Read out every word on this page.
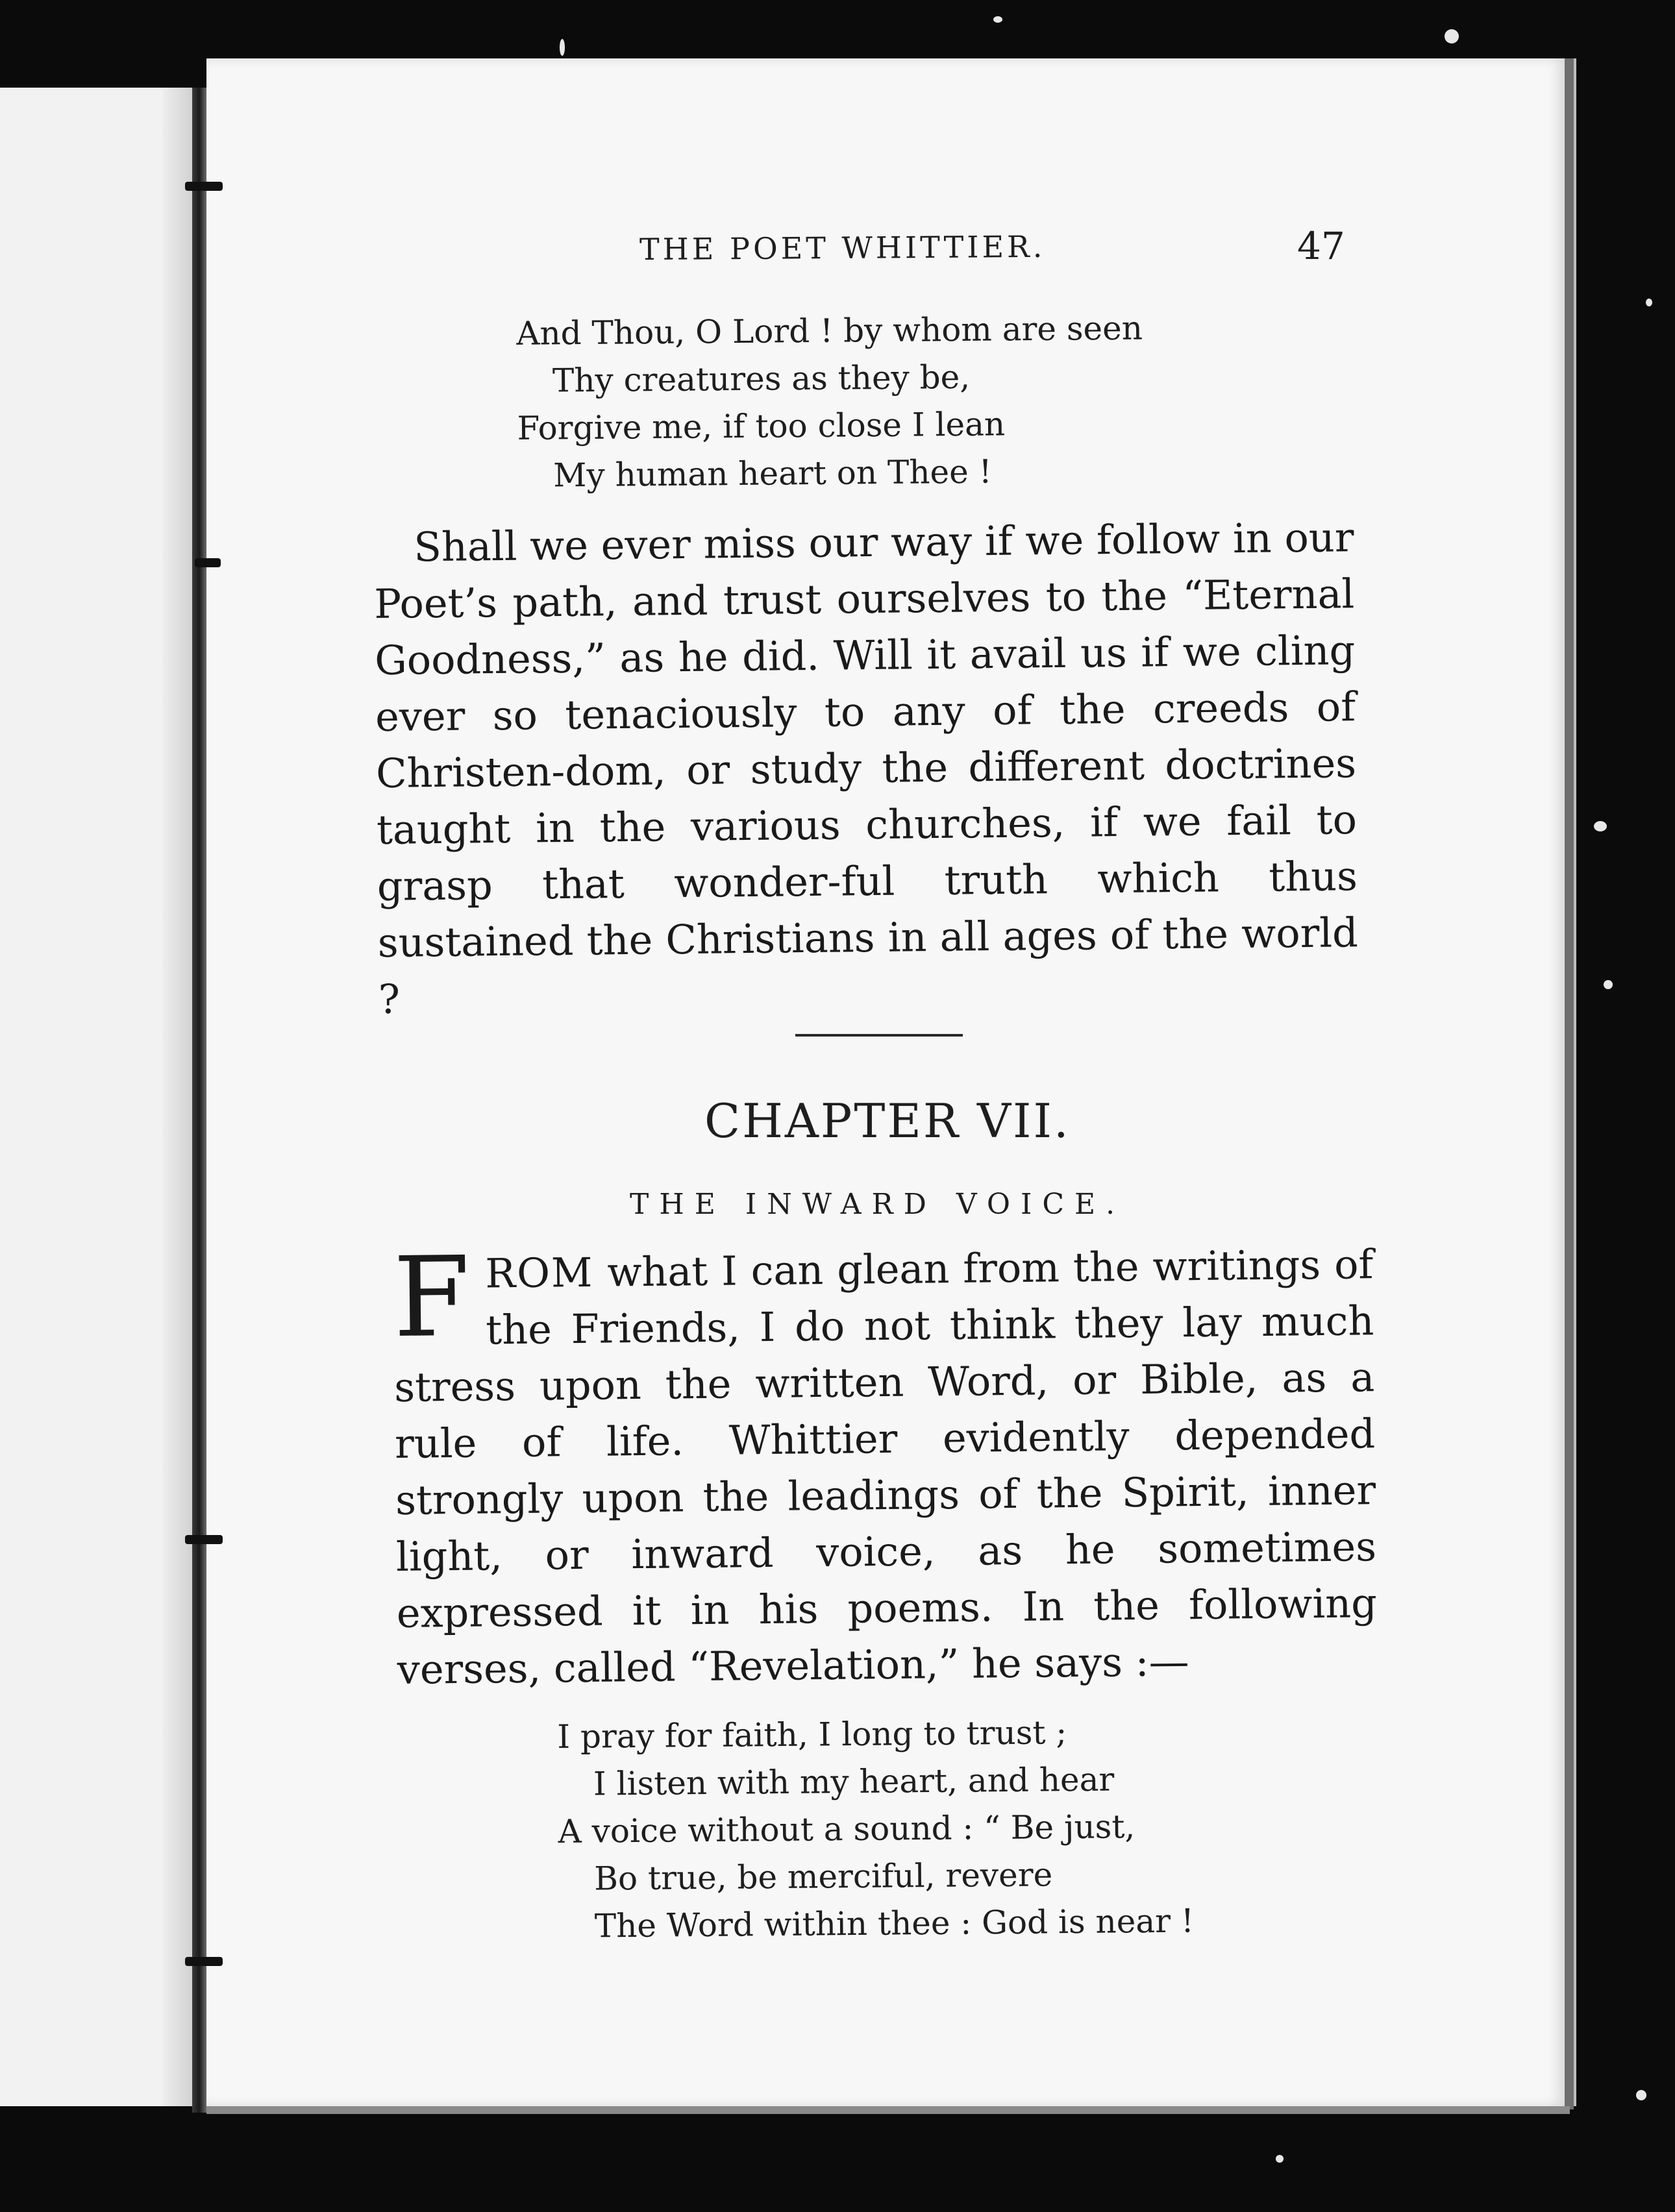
THE POET WHITTIER.	47
And Thou, O Lord ! by whom are seen
Thy creatures as they be,
Forgive me, if too close I lean
My human heart on Thee !

Shall we ever miss our way if we follow in our Poet’s path, and trust ourselves to the “Eternal Goodness,” as he did. Will it avail us if we cling ever so tenaciously to any of the creeds of Christen-dom, or study the different doctrines taught in the various churches, if we fail to grasp that wonder-ful truth which thus sustained the Christians in all ages of the world ?

CHAPTER VII.
THE INWARD VOICE.

FROM what I can glean from the writings of the Friends, I do not think they lay much stress upon the written Word, or Bible, as a rule of life. Whittier evidently depended strongly upon the leadings of the Spirit, inner light, or inward voice, as he sometimes expressed it in his poems. In the following verses, called “Revelation,” he says :—

I pray for faith, I long to trust ;
I listen with my heart, and hear
A voice without a sound : “ Be just,
Bo true, be merciful, revere
The Word within thee : God is near !
